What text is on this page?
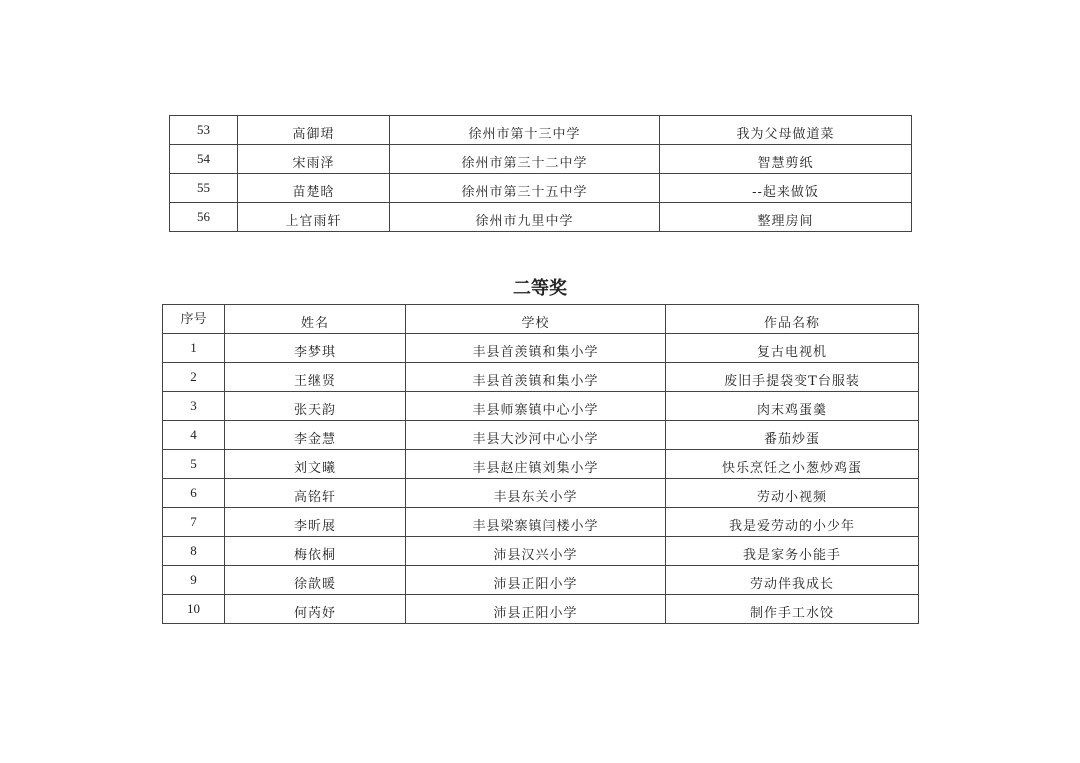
53	高御珺	徐州市第十三中学	我为父母做道菜
54	宋雨泽	徐州市第三十二中学	智慧剪纸
55	苗楚晗	徐州市第三十五中学	--起来做饭
56	上官雨轩	徐州市九里中学	整理房间
二等奖
序号	姓名	学校	作品名称
1	李梦琪	丰县首羡镇和集小学	复古电视机
2	王继贤	丰县首羡镇和集小学	废旧手提袋变T台服装
3	张天韵	丰县师寨镇中心小学	肉末鸡蛋羹
4	李金慧	丰县大沙河中心小学	番茄炒蛋
5	刘文曦	丰县赵庄镇刘集小学	快乐烹饪之小葱炒鸡蛋
6	高铭轩	丰县东关小学	劳动小视频
7	李昕展	丰县梁寨镇闫楼小学	我是爱劳动的小少年
8	梅依桐	沛县汉兴小学	我是家务小能手
9	徐歆暖	沛县正阳小学	劳动伴我成长
10	何芮妤	沛县正阳小学	制作手工水饺
